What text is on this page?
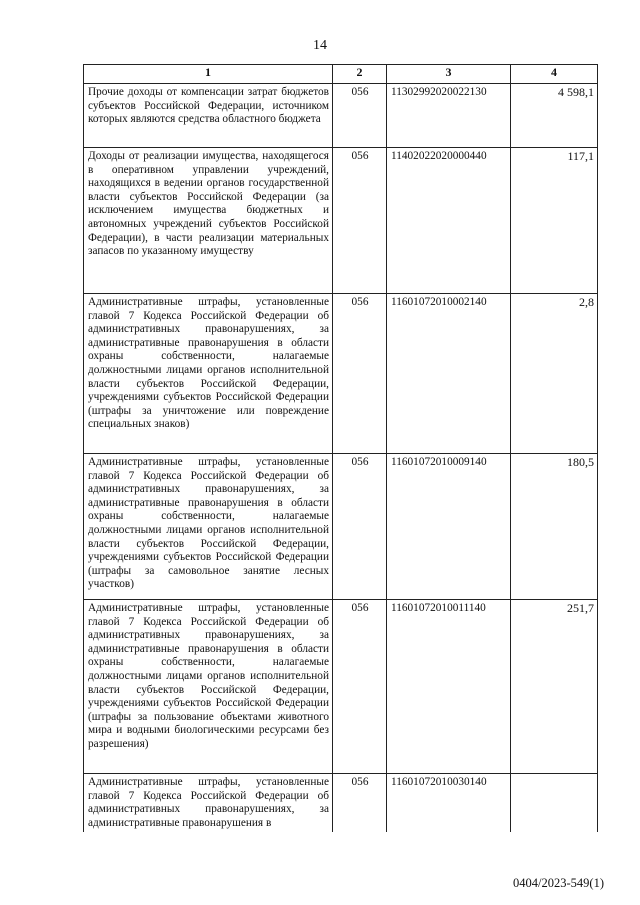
14
1	2	3	4
Прочие доходы от компенсации затрат бюджетов субъектов Российской Федерации, источником которых являются средства областного бюджета	056	11302992020022130	4 598,1
Доходы от реализации имущества, находящегося в оперативном управлении учреждений, находящихся в ведении органов государственной власти субъектов Российской Федерации (за исключением имущества бюджетных и автономных учреждений субъектов Российской Федерации), в части реализации материальных запасов по указанному имуществу	056	11402022020000440	117,1
Административные штрафы, установленные главой 7 Кодекса Российской Федерации об административных правонарушениях, за административные правонарушения в области охраны собственности, налагаемые должностными лицами органов исполнительной власти субъектов Российской Федерации, учреждениями субъектов Российской Федерации (штрафы за уничтожение или повреждение специальных знаков)	056	11601072010002140	2,8
Административные штрафы, установленные главой 7 Кодекса Российской Федерации об административных правонарушениях, за административные правонарушения в области охраны собственности, налагаемые должностными лицами органов исполнительной власти субъектов Российской Федерации, учреждениями субъектов Российской Федерации (штрафы за самовольное занятие лесных участков)	056	11601072010009140	180,5
Административные штрафы, установленные главой 7 Кодекса Российской Федерации об административных правонарушениях, за административные правонарушения в области охраны собственности, налагаемые должностными лицами органов исполнительной власти субъектов Российской Федерации, учреждениями субъектов Российской Федерации (штрафы за пользование объектами животного мира и водными биологическими ресурсами без разрешения)	056	11601072010011140	251,7
Административные штрафы, установленные главой 7 Кодекса Российской Федерации об административных правонарушениях, за административные правонарушения в	056	11601072010030140	
0404/2023-549(1)
